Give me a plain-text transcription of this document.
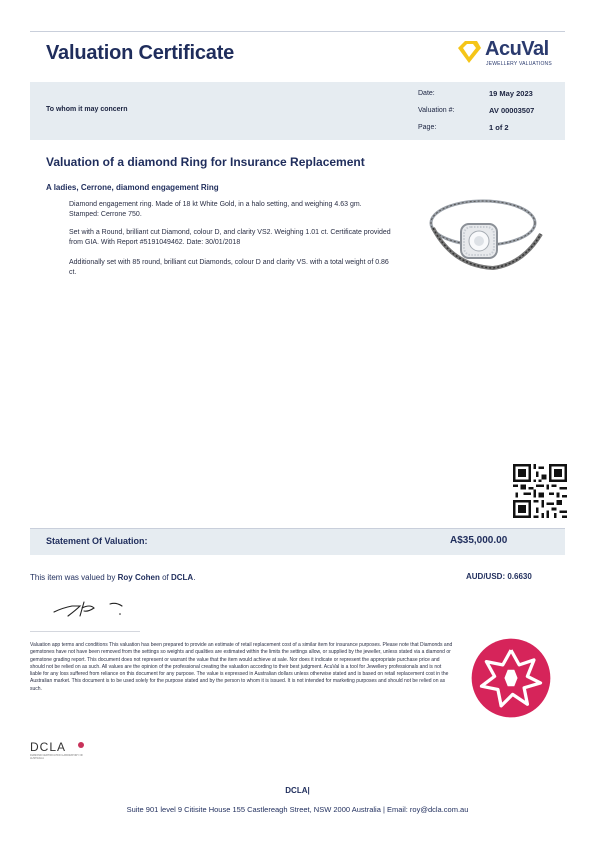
Valuation Certificate	AcuVal
JEWELLERY VALUATIONS
To whom it may concern
Date:	19 May 2023
Valuation #:	AV 00003507
Page:	1 of 2
Valuation of a diamond Ring for Insurance Replacement
A ladies, Cerrone, diamond engagement Ring
Diamond engagement ring. Made of 18 kt White Gold, in a halo setting, and weighing 4.63 gm. Stamped: Cerrone 750.
Set with a Round, brilliant cut Diamond, colour D, and clarity VS2. Weighing 1.01 ct. Certificate provided from GIA. With Report #5191049462. Date: 30/01/2018
Additionally set with 85 round, brilliant cut Diamonds, colour D and clarity VS. with a total weight of 0.86 ct.
Statement Of Valuation:	A$35,000.00
This item was valued by Roy Cohen of DCLA.	AUD/USD: 0.6630
Valuation app terms and conditions This valuation has been prepared to provide an estimate of retail replacement cost of a similar item for insurance purposes. Please note that Diamonds and gemstones have not have been removed from the settings so weights and qualities are estimated within the limits the settings allow, or supplied by the jeweller, unless stated via a diamond or gemstone grading report. This document does not represent or warrant the value that the item would achieve at sale. Nor does it indicate or represent the appropriate purchase price and should not be relied on as such. All values are the opinion of the professional creating the valuation according to their best judgment. AcuVal is a tool for Jewellery professionals and is not liable for any loss suffered from reliance on this document for any purpose. The value is expressed in Australian dollars unless otherwise stated and is based on retail replacement cost in the Australian market. This document is to be used solely for the purpose stated and by the person to whom it is issued. It is not intended for marketing purposes and should not be relied on as such.
DCLA
DIAMOND CERTIFICATION LABORATORY OF AUSTRALIA
DCLA|
Suite 901 level 9 Citisite House 155 Castlereagh Street, NSW 2000 Australia | Email: roy@dcla.com.au
